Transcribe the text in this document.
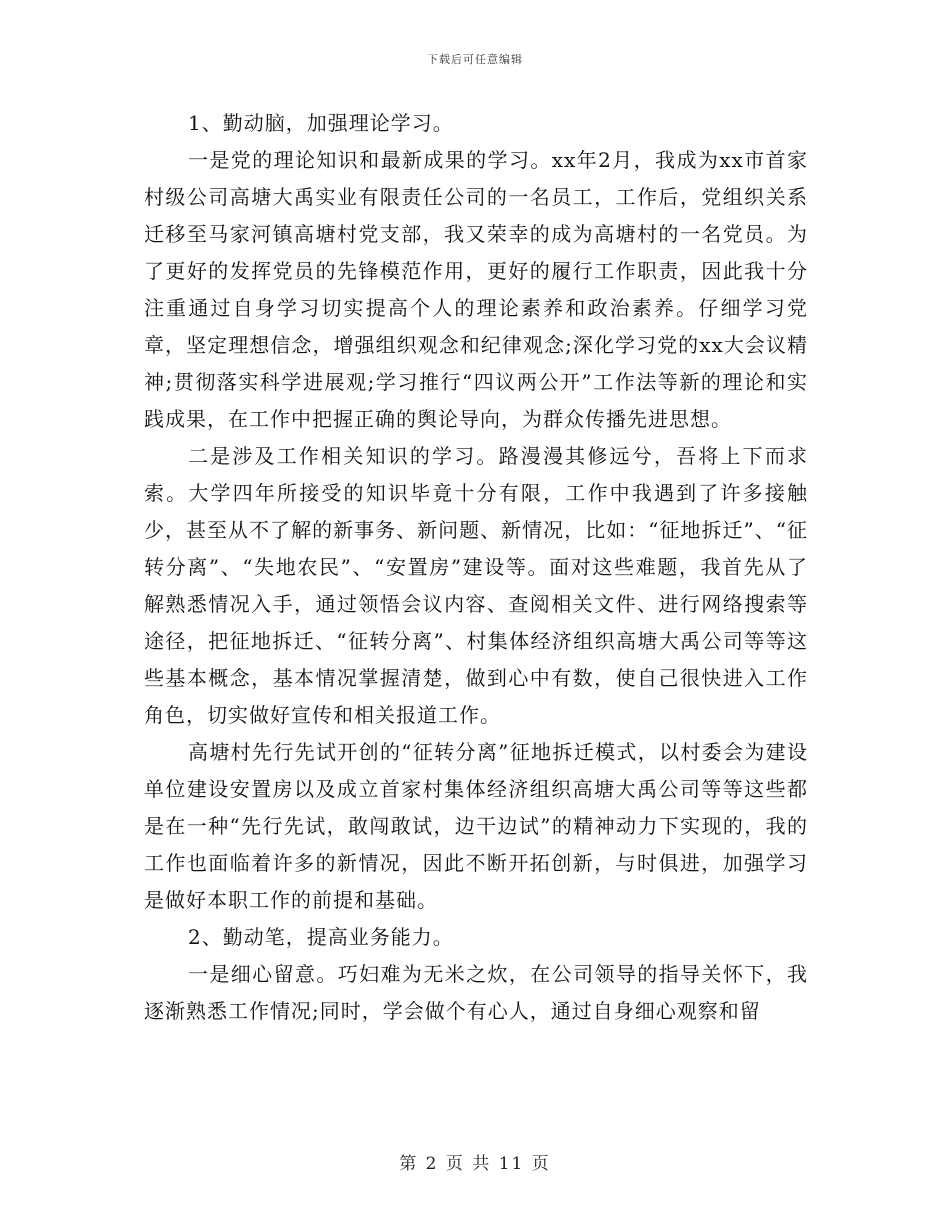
下载后可任意编辑

1、勤动脑，加强理论学习。

一是党的理论知识和最新成果的学习。xx年2月，我成为xx市首家村级公司高塘大禹实业有限责任公司的一名员工，工作后，党组织关系迁移至马家河镇高塘村党支部，我又荣幸的成为高塘村的一名党员。为了更好的发挥党员的先锋模范作用，更好的履行工作职责，因此我十分注重通过自身学习切实提高个人的理论素养和政治素养。仔细学习党章，坚定理想信念，增强组织观念和纪律观念;深化学习党的xx大会议精神;贯彻落实科学进展观;学习推行“四议两公开”工作法等新的理论和实践成果，在工作中把握正确的舆论导向，为群众传播先进思想。

二是涉及工作相关知识的学习。路漫漫其修远兮，吾将上下而求索。大学四年所接受的知识毕竟十分有限，工作中我遇到了许多接触少，甚至从不了解的新事务、新问题、新情况，比如：“征地拆迁”、“征转分离”、“失地农民”、“安置房”建设等。面对这些难题，我首先从了解熟悉情况入手，通过领悟会议内容、查阅相关文件、进行网络搜索等途径，把征地拆迁、“征转分离”、村集体经济组织高塘大禹公司等等这些基本概念，基本情况掌握清楚，做到心中有数，使自己很快进入工作角色，切实做好宣传和相关报道工作。

高塘村先行先试开创的“征转分离”征地拆迁模式，以村委会为建设单位建设安置房以及成立首家村集体经济组织高塘大禹公司等等这些都是在一种“先行先试，敢闯敢试，边干边试”的精神动力下实现的，我的工作也面临着许多的新情况，因此不断开拓创新，与时俱进，加强学习是做好本职工作的前提和基础。

2、勤动笔，提高业务能力。

一是细心留意。巧妇难为无米之炊，在公司领导的指导关怀下，我逐渐熟悉工作情况;同时，学会做个有心人，通过自身细心观察和留

第 2 页 共 11 页
